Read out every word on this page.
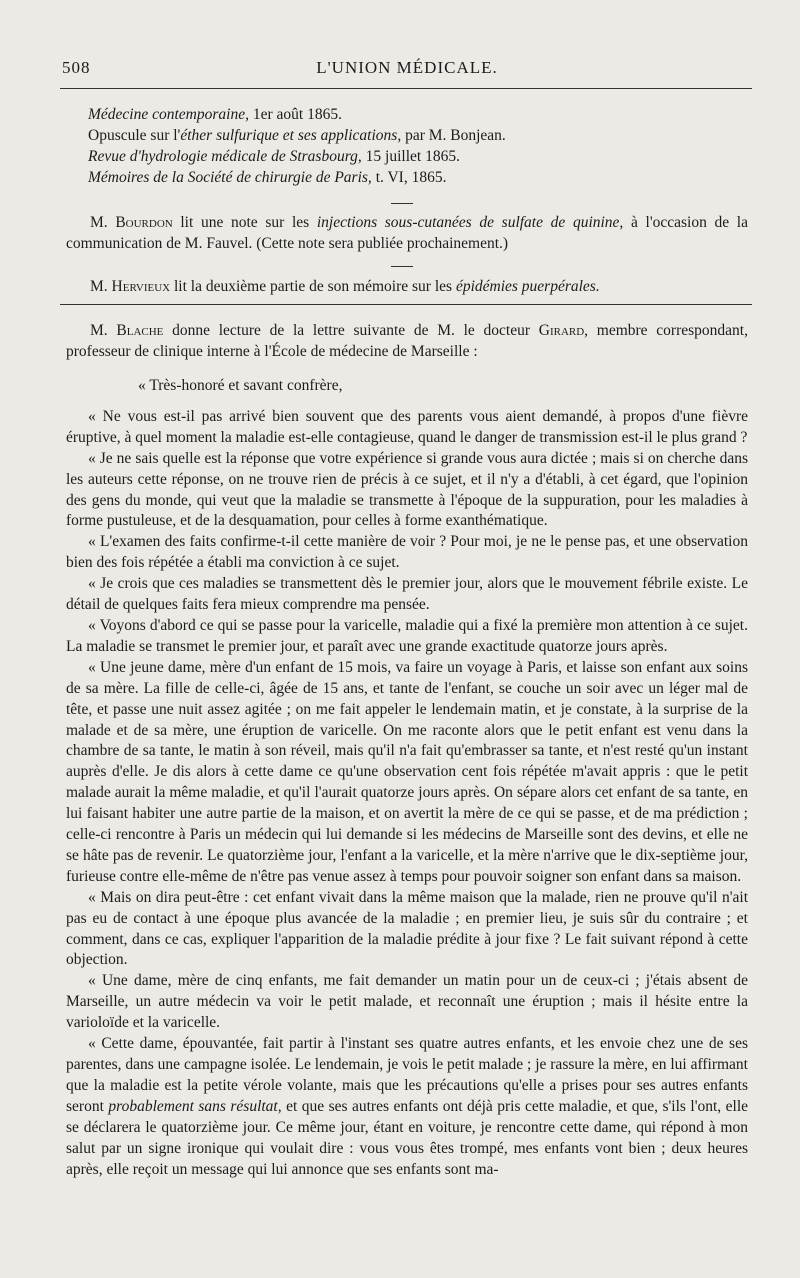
508	L'UNION MÉDICALE.
Médecine contemporaine, 1er août 1865.
Opuscule sur l'éther sulfurique et ses applications, par M. Bonjean.
Revue d'hydrologie médicale de Strasbourg, 15 juillet 1865.
Mémoires de la Société de chirurgie de Paris, t. VI, 1865.
M. Bourdon lit une note sur les injections sous-cutanées de sulfate de quinine, à l'occasion de la communication de M. Fauvel. (Cette note sera publiée prochainement.)
M. Hervieux lit la deuxième partie de son mémoire sur les épidémies puerpérales.
M. Blache donne lecture de la lettre suivante de M. le docteur Girard, membre correspondant, professeur de clinique interne à l'École de médecine de Marseille :

« Très-honoré et savant confrère,

« Ne vous est-il pas arrivé bien souvent que des parents vous aient demandé, à propos d'une fièvre éruptive, à quel moment la maladie est-elle contagieuse, quand le danger de transmission est-il le plus grand ?

« Je ne sais quelle est la réponse que votre expérience si grande vous aura dictée ; mais si on cherche dans les auteurs cette réponse, on ne trouve rien de précis à ce sujet, et il n'y a d'établi, à cet égard, que l'opinion des gens du monde, qui veut que la maladie se transmette à l'époque de la suppuration, pour les maladies à forme pustuleuse, et de la desquamation, pour celles à forme exanthématique.

« L'examen des faits confirme-t-il cette manière de voir ? Pour moi, je ne le pense pas, et une observation bien des fois répétée a établi ma conviction à ce sujet.

« Je crois que ces maladies se transmettent dès le premier jour, alors que le mouvement fébrile existe. Le détail de quelques faits fera mieux comprendre ma pensée.

« Voyons d'abord ce qui se passe pour la varicelle, maladie qui a fixé la première mon attention à ce sujet. La maladie se transmet le premier jour, et paraît avec une grande exactitude quatorze jours après.

« Une jeune dame, mère d'un enfant de 15 mois, va faire un voyage à Paris, et laisse son enfant aux soins de sa mère. La fille de celle-ci, âgée de 15 ans, et tante de l'enfant, se couche un soir avec un léger mal de tête, et passe une nuit assez agitée ; on me fait appeler le lendemain matin, et je constate, à la surprise de la malade et de sa mère, une éruption de varicelle. On me raconte alors que le petit enfant est venu dans la chambre de sa tante, le matin à son réveil, mais qu'il n'a fait qu'embrasser sa tante, et n'est resté qu'un instant auprès d'elle. Je dis alors à cette dame ce qu'une observation cent fois répétée m'avait appris : que le petit malade aurait la même maladie, et qu'il l'aurait quatorze jours après. On sépare alors cet enfant de sa tante, en lui faisant habiter une autre partie de la maison, et on avertit la mère de ce qui se passe, et de ma prédiction ; celle-ci rencontre à Paris un médecin qui lui demande si les médecins de Marseille sont des devins, et elle ne se hâte pas de revenir. Le quatorzième jour, l'enfant a la varicelle, et la mère n'arrive que le dix-septième jour, furieuse contre elle-même de n'être pas venue assez à temps pour pouvoir soigner son enfant dans sa maison.

« Mais on dira peut-être : cet enfant vivait dans la même maison que la malade, rien ne prouve qu'il n'ait pas eu de contact à une époque plus avancée de la maladie ; en premier lieu, je suis sûr du contraire ; et comment, dans ce cas, expliquer l'apparition de la maladie prédite à jour fixe ? Le fait suivant répond à cette objection.

« Une dame, mère de cinq enfants, me fait demander un matin pour un de ceux-ci ; j'étais absent de Marseille, un autre médecin va voir le petit malade, et reconnaît une éruption ; mais il hésite entre la varioloïde et la varicelle.

« Cette dame, épouvantée, fait partir à l'instant ses quatre autres enfants, et les envoie chez une de ses parentes, dans une campagne isolée. Le lendemain, je vois le petit malade ; je rassure la mère, en lui affirmant que la maladie est la petite vérole volante, mais que les précautions qu'elle a prises pour ses autres enfants seront probablement sans résultat, et que ses autres enfants ont déjà pris cette maladie, et que, s'ils l'ont, elle se déclarera le quatorzième jour. Ce même jour, étant en voiture, je rencontre cette dame, qui répond à mon salut par un signe ironique qui voulait dire : vous vous êtes trompé, mes enfants vont bien ; deux heures après, elle reçoit un message qui lui annonce que ses enfants sont ma-
